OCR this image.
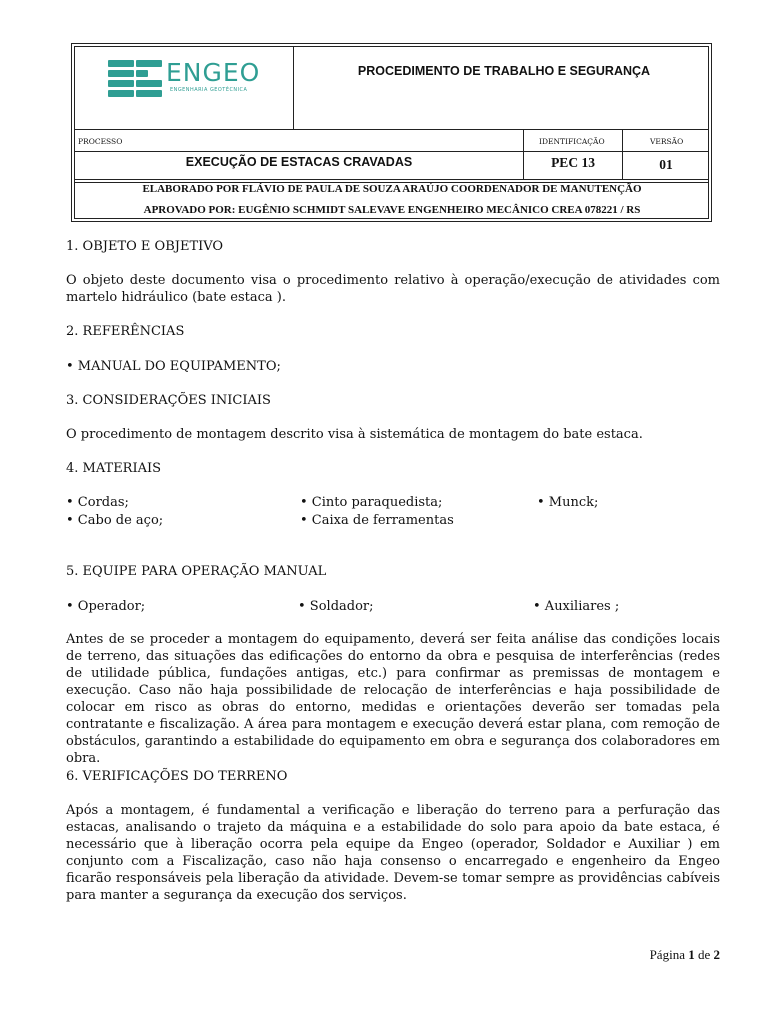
ENGEO
ENGENHARIA GEOTÉCNICA
PROCEDIMENTO DE TRABALHO E SEGURANÇA
PROCESSO	IDENTIFICAÇÃO	VERSÃO
EXECUÇÃO DE ESTACAS CRAVADAS	PEC 13	01
ELABORADO POR FLÁVIO DE PAULA DE SOUZA ARAÚJO COORDENADOR DE MANUTENÇÃO
APROVADO POR: EUGÊNIO SCHMIDT SALEVAVE ENGENHEIRO MECÂNICO CREA 078221 / RS
1. OBJETO E OBJETIVO
O objeto deste documento visa o procedimento relativo à operação/execução de atividades com martelo hidráulico (bate estaca ).
2. REFERÊNCIAS
• MANUAL DO EQUIPAMENTO;
3. CONSIDERAÇÕES INICIAIS
O procedimento de montagem descrito visa à sistemática de montagem do bate estaca.
4. MATERIAIS
• Cordas;	• Cinto paraquedista;	• Munck;
• Cabo de aço;	• Caixa de ferramentas
5. EQUIPE PARA OPERAÇÃO MANUAL
• Operador;	• Soldador;	• Auxiliares ;
Antes de se proceder a montagem do equipamento, deverá ser feita análise das condições locais de terreno, das situações das edificações do entorno da obra e pesquisa de interferências (redes de utilidade pública, fundações antigas, etc.) para confirmar as premissas de montagem e execução. Caso não haja possibilidade de relocação de interferências e haja possibilidade de colocar em risco as obras do entorno, medidas e orientações deverão ser tomadas pela contratante e fiscalização. A área para montagem e execução deverá estar plana, com remoção de obstáculos, garantindo a estabilidade do equipamento em obra e segurança dos colaboradores em obra.
6. VERIFICAÇÕES DO TERRENO
Após a montagem, é fundamental a verificação e liberação do terreno para a perfuração das estacas, analisando o trajeto da máquina e a estabilidade do solo para apoio da bate estaca, é necessário que à liberação ocorra pela equipe da Engeo (operador, Soldador e Auxiliar ) em conjunto com a Fiscalização, caso não haja consenso o encarregado e engenheiro da Engeo ficarão responsáveis pela liberação da atividade. Devem-se tomar sempre as providências cabíveis para manter a segurança da execução dos serviços.
Página 1 de 2
